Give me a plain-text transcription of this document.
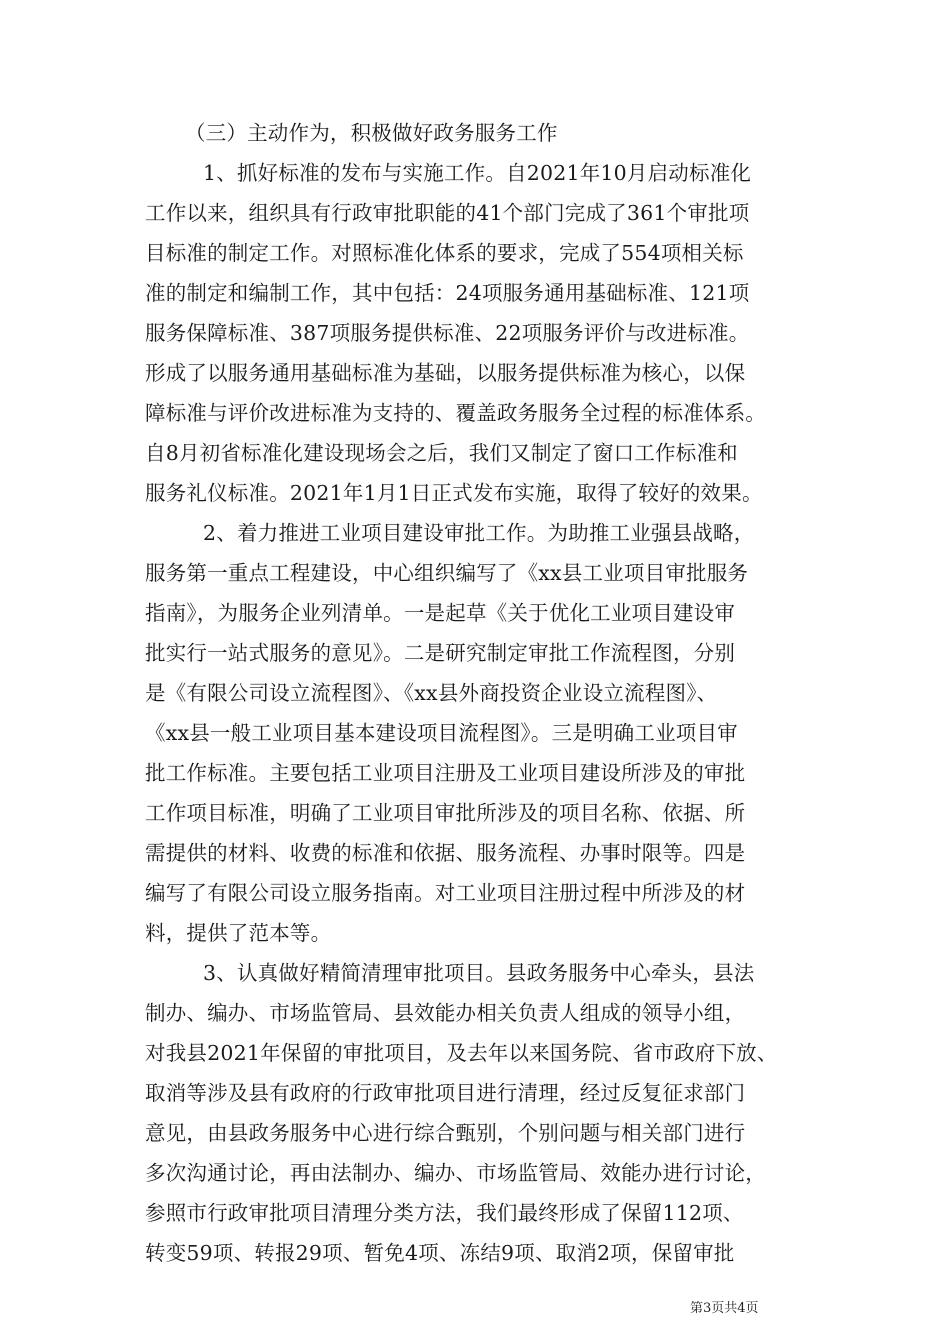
（三）主动作为，积极做好政务服务工作
1、抓好标准的发布与实施工作。自2021年10月启动标准化
工作以来，组织具有行政审批职能的41个部门完成了361个审批项
目标准的制定工作。对照标准化体系的要求，完成了554项相关标
准的制定和编制工作，其中包括：24项服务通用基础标准、121项
服务保障标准、387项服务提供标准、22项服务评价与改进标准。
形成了以服务通用基础标准为基础，以服务提供标准为核心，以保
障标准与评价改进标准为支持的、覆盖政务服务全过程的标准体系。
自8月初省标准化建设现场会之后，我们又制定了窗口工作标准和
服务礼仪标准。2021年1月1日正式发布实施，取得了较好的效果。
2、着力推进工业项目建设审批工作。为助推工业强县战略，
服务第一重点工程建设，中心组织编写了《xx县工业项目审批服务
指南》，为服务企业列清单。一是起草《关于优化工业项目建设审
批实行一站式服务的意见》。二是研究制定审批工作流程图，分别
是《有限公司设立流程图》、《xx县外商投资企业设立流程图》、
《xx县一般工业项目基本建设项目流程图》。三是明确工业项目审
批工作标准。主要包括工业项目注册及工业项目建设所涉及的审批
工作项目标准，明确了工业项目审批所涉及的项目名称、依据、所
需提供的材料、收费的标准和依据、服务流程、办事时限等。四是
编写了有限公司设立服务指南。对工业项目注册过程中所涉及的材
料，提供了范本等。
3、认真做好精简清理审批项目。县政务服务中心牵头，县法
制办、编办、市场监管局、县效能办相关负责人组成的领导小组，
对我县2021年保留的审批项目，及去年以来国务院、省市政府下放、
取消等涉及县有政府的行政审批项目进行清理，经过反复征求部门
意见，由县政务服务中心进行综合甄别，个别问题与相关部门进行
多次沟通讨论，再由法制办、编办、市场监管局、效能办进行讨论，
参照市行政审批项目清理分类方法，我们最终形成了保留112项、
转变59项、转报29项、暂免4项、冻结9项、取消2项，保留审批
第3页共4页
